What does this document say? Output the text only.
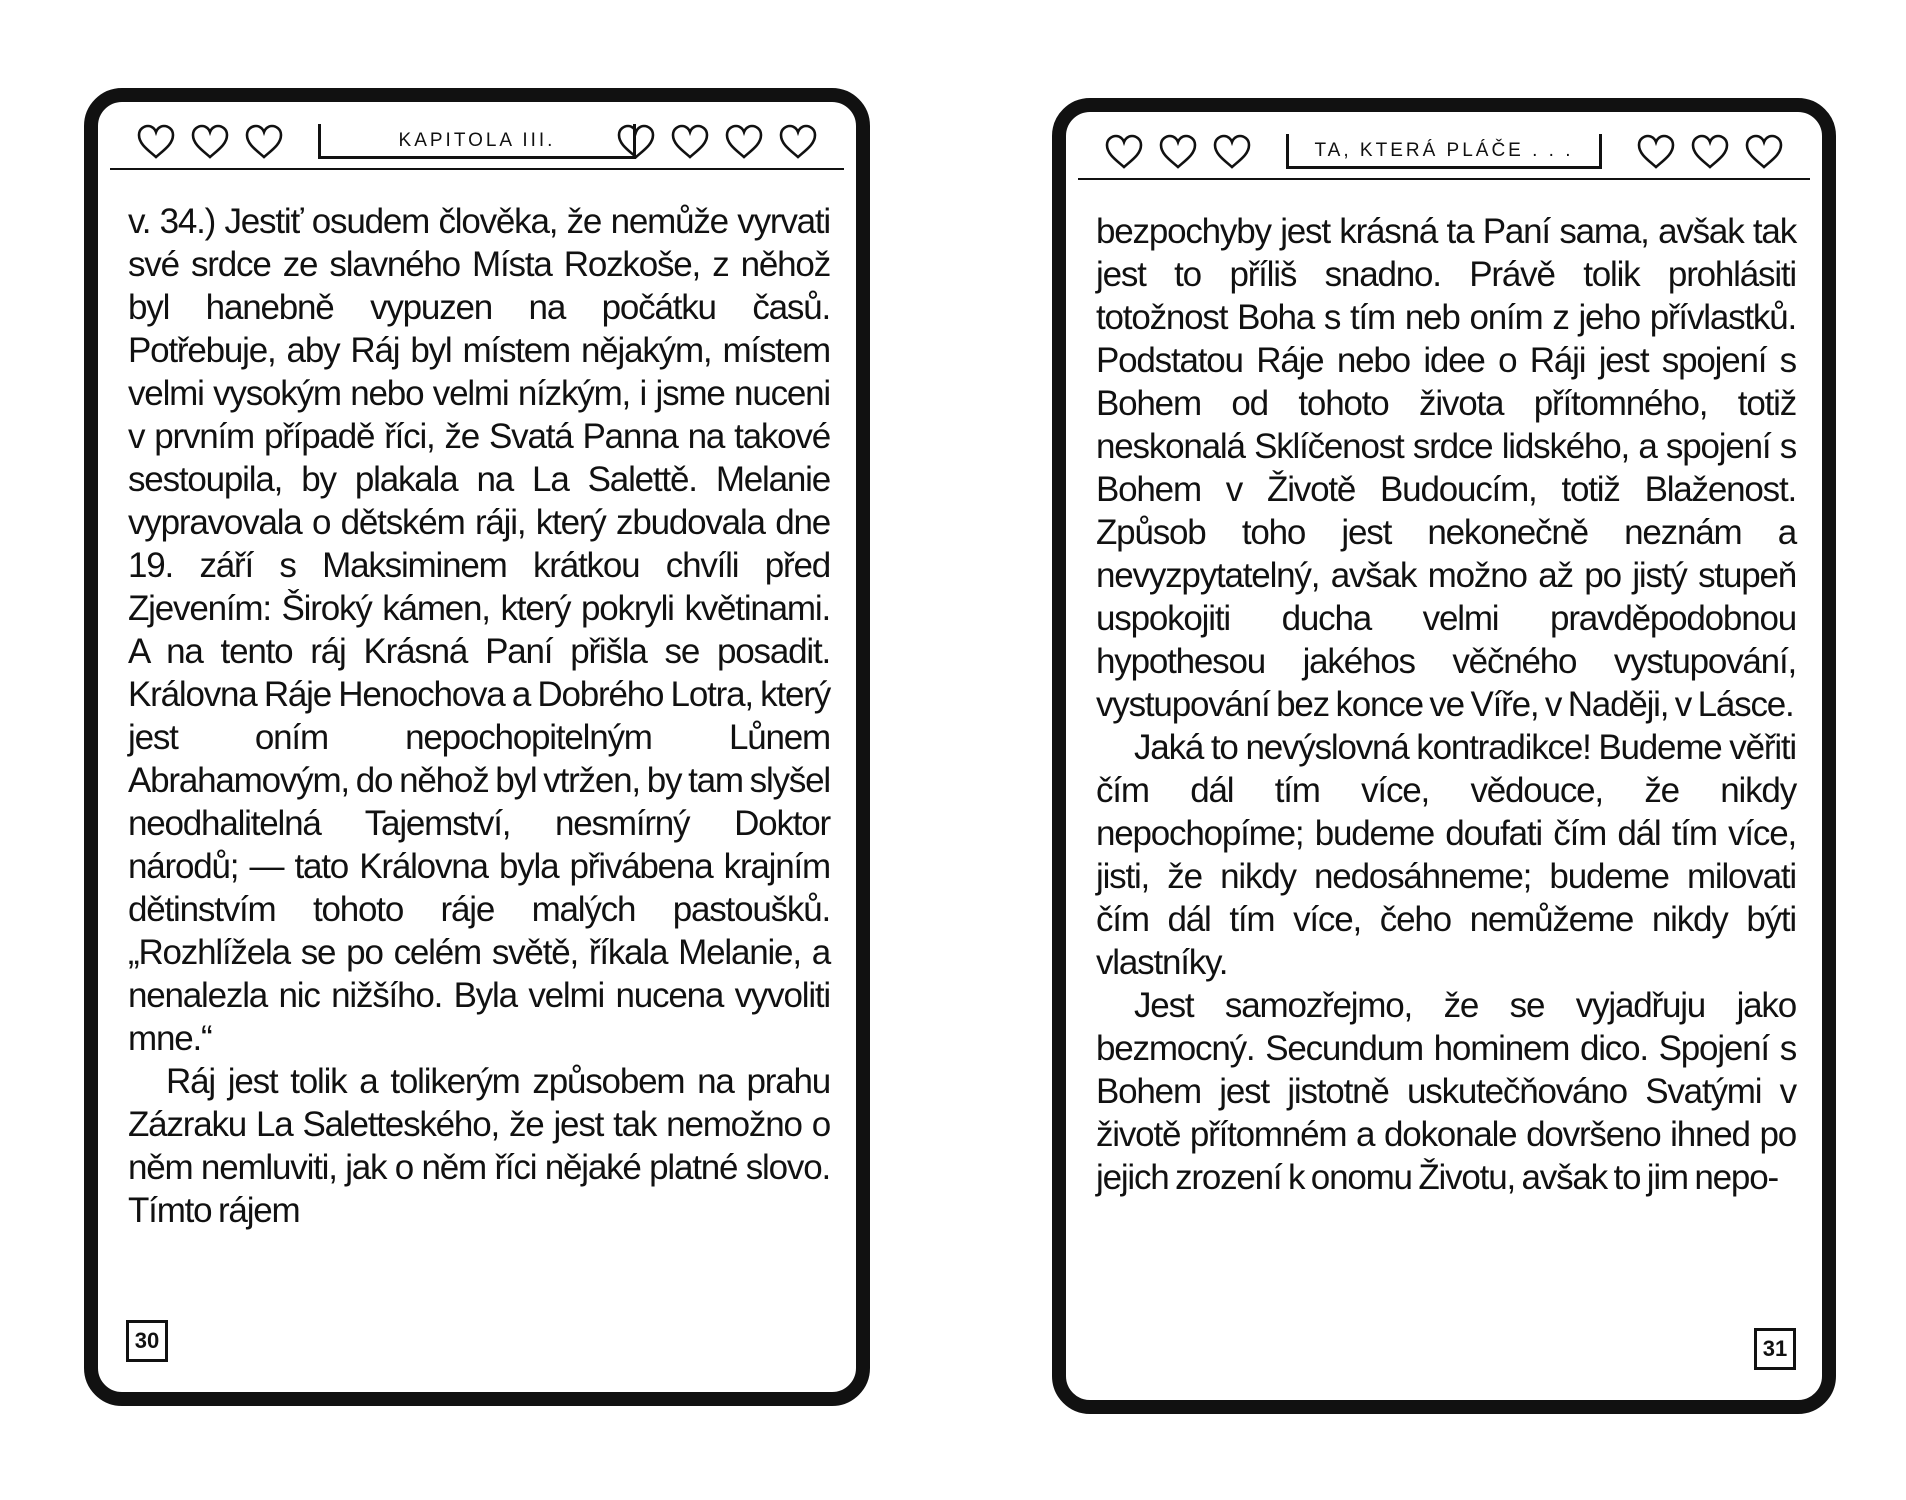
KAPITOLA III.

v. 34.) Jestiť osudem člověka, že nemůže vyrvati své srdce ze slavného Místa Rozkoše, z něhož byl hanebně vypuzen na počátku časů. Potřebuje, aby Ráj byl místem nějakým, místem velmi vysokým nebo velmi nízkým, i jsme nuceni v prvním případě říci, že Svatá Panna na takové sestoupila, by plakala na La Salettě. Melanie vypravovala o dětském ráji, který zbudovala dne 19. září s Maksiminem krátkou chvíli před Zjevením: Široký kámen, který pokryli květinami. A na tento ráj Krásná Paní přišla se posadit. Královna Ráje Henochova a Dobrého Lotra, který jest oním nepochopitelným Lůnem Abrahamovým, do něhož byl vtržen, by tam slyšel neodhalitelná Tajemství, nesmírný Doktor národů; — tato Královna byla přivábena krajním dětinstvím tohoto ráje malých pastoušků. „Rozhlížela se po celém světě, říkala Melanie, a nenalezla nic nižšího. Byla velmi nucena vyvoliti mne.“

Ráj jest tolik a tolikerým způsobem na prahu Zázraku La Saletteského, že jest tak nemožno o něm nemluviti, jak o něm říci nějaké platné slovo. Tímto rájem

30
TA, KTERÁ PLÁČE . . .

bezpochyby jest krásná ta Paní sama, avšak tak jest to příliš snadno. Právě tolik prohlásiti totožnost Boha s tím neb oním z jeho přívlastků. Podstatou Ráje nebo idee o Ráji jest spojení s Bohem od tohoto života přítomného, totiž neskonalá Sklíčenost srdce lidského, a spojení s Bohem v Životě Budoucím, totiž Blaženost. Způsob toho jest nekonečně neznám a nevyzpytatelný, avšak možno až po jistý stupeň uspokojiti ducha velmi pravděpodobnou hypothesou jakéhos věčného vystupování, vystupování bez konce ve Víře, v Naději, v Lásce.

Jaká to nevýslovná kontradikce! Budeme věřiti čím dál tím více, vědouce, že nikdy nepochopíme; budeme doufati čím dál tím více, jisti, že nikdy nedosáhneme; budeme milovati čím dál tím více, čeho nemůžeme nikdy býti vlastníky.

Jest samozřejmo, že se vyjadřuju jako bezmocný. Secundum hominem dico. Spojení s Bohem jest jistotně uskutečňováno Svatými v životě přítomném a dokonale dovršeno ihned po jejich zrození k onomu Životu, avšak to jim nepo-

31
